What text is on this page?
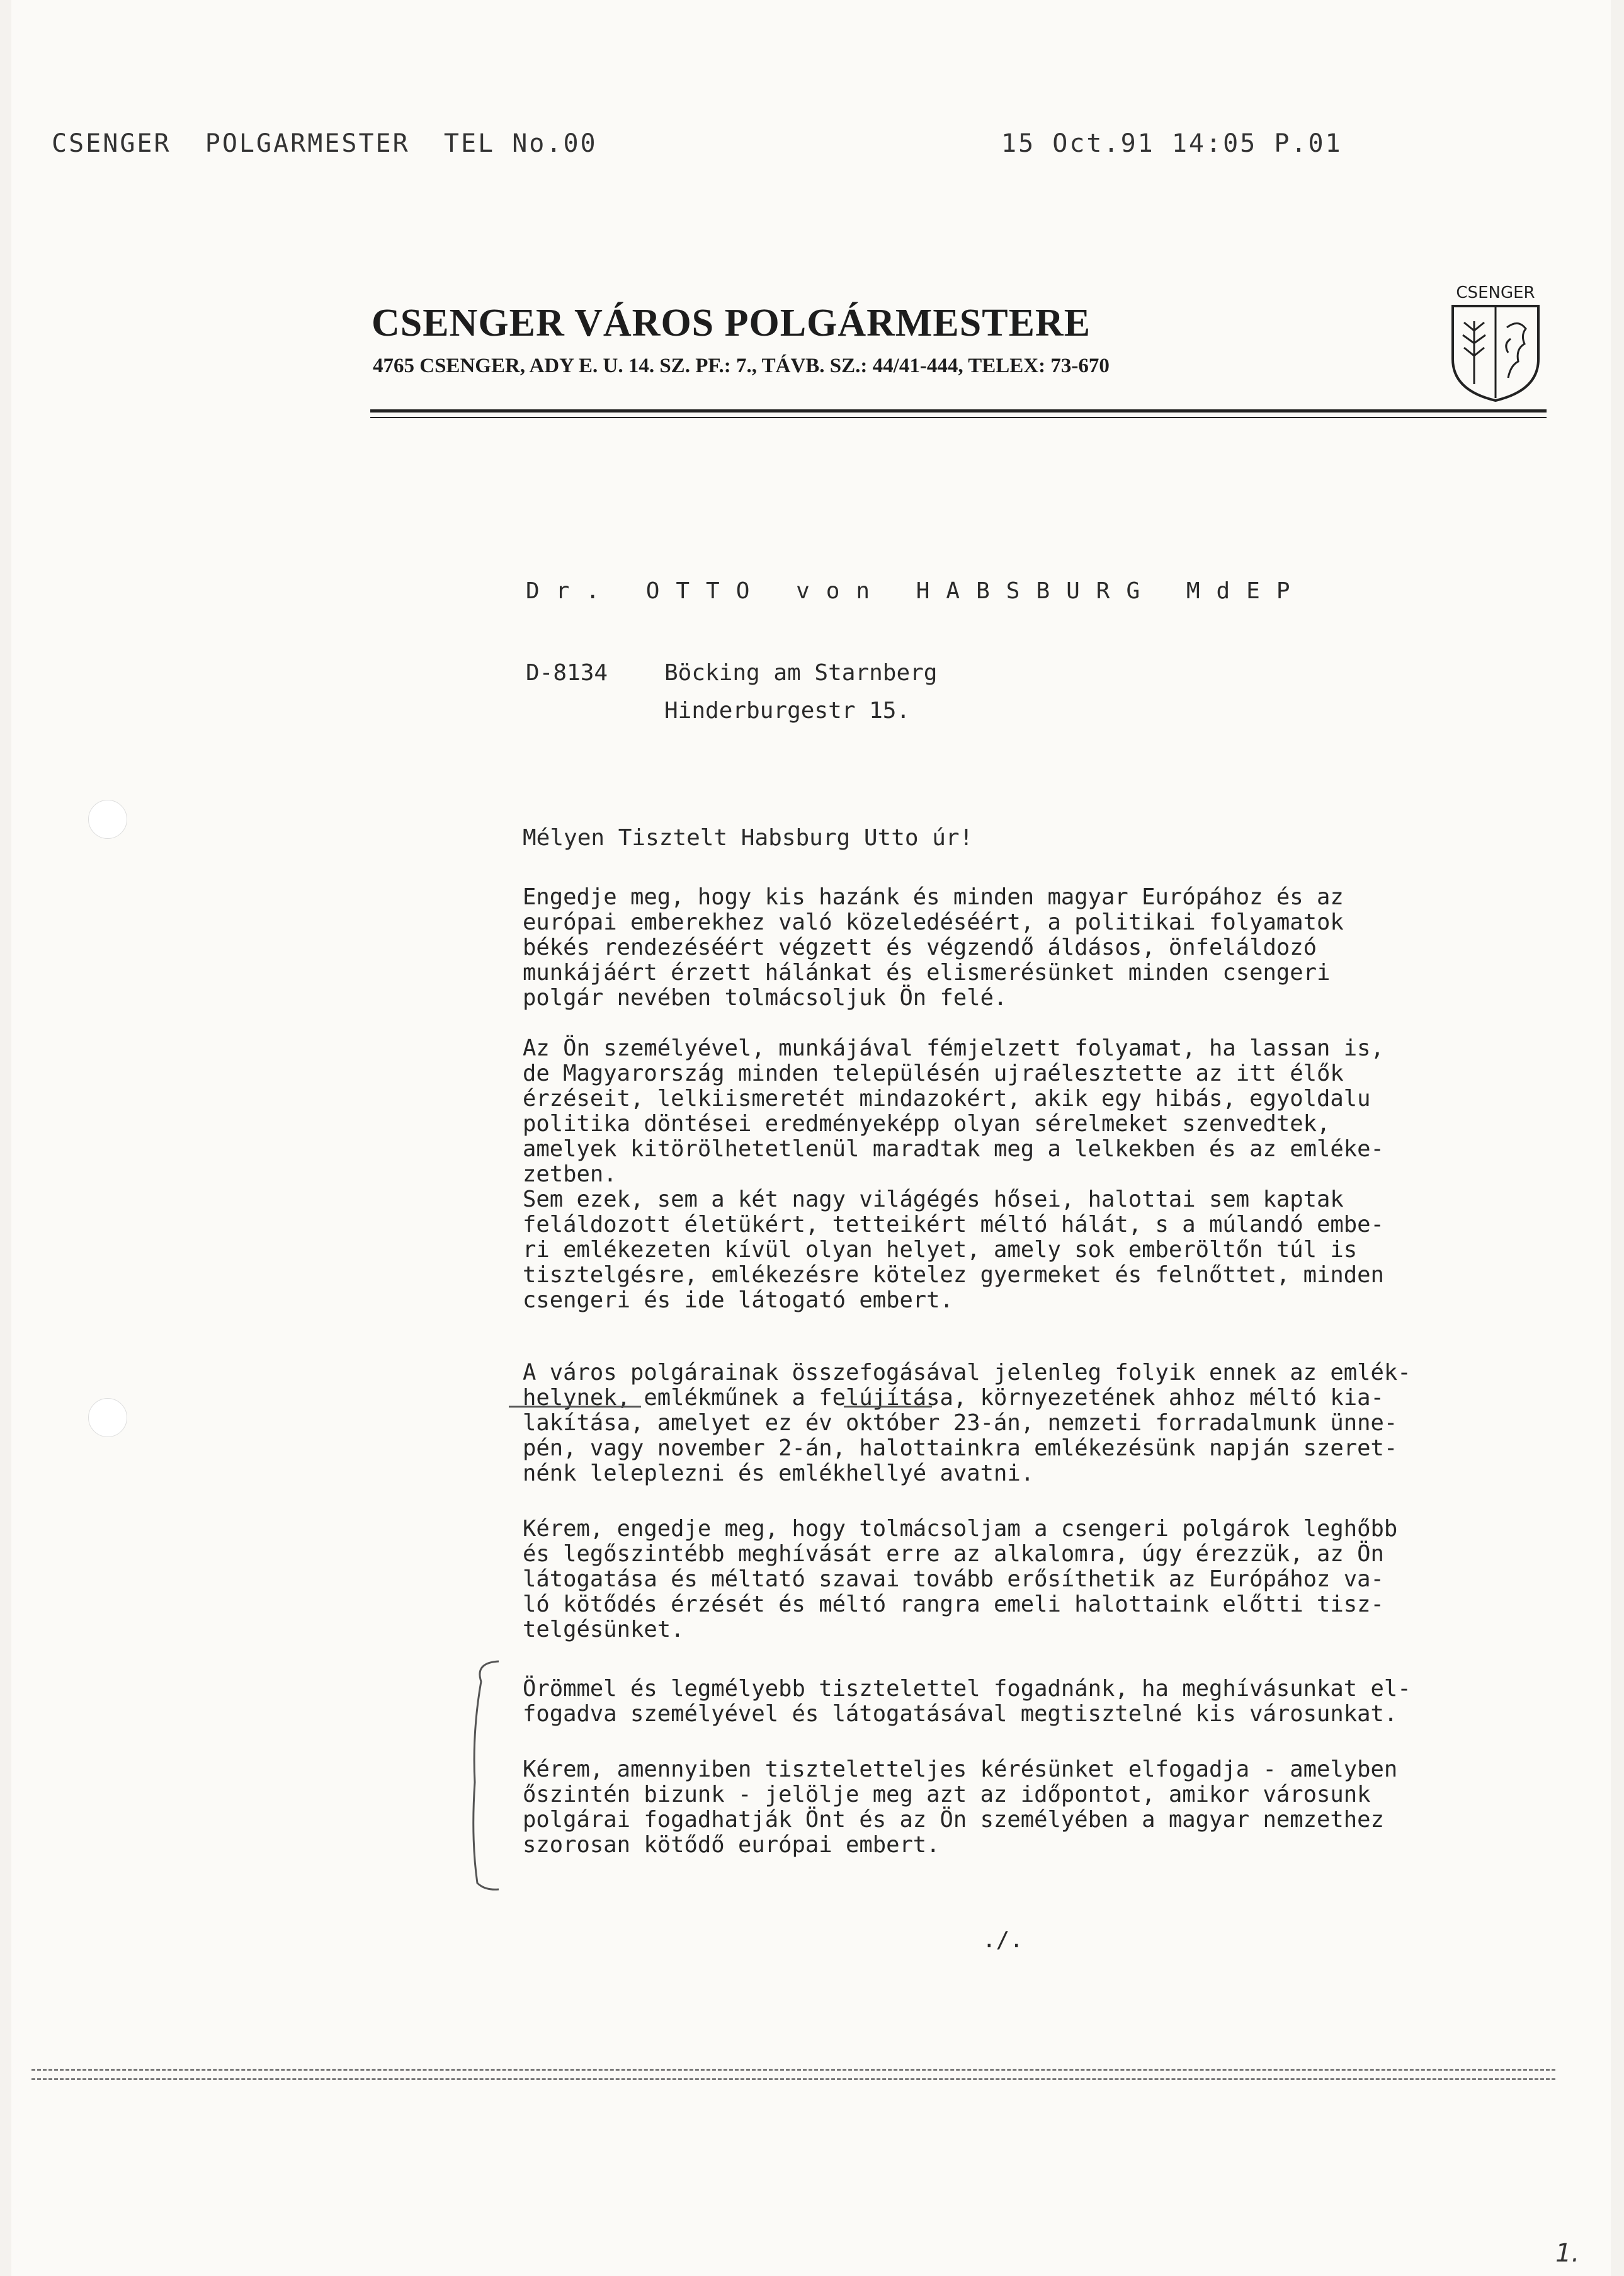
CSENGER  POLGARMESTER  TEL No.00	15 Oct.91 14:05 P.01
CSENGER VÁROS POLGÁRMESTERE
4765 CSENGER, ADY E. U. 14. SZ. PF.: 7., TÁVB. SZ.: 44/41-444, TELEX: 73-670
CSENGER
Dr. OTTO von HABSBURG MdEP
D-8134 Böcking am Starnberg
Hinderburgestr 15.
Mélyen Tisztelt Habsburg Utto úr!
Engedje meg, hogy kis hazánk és minden magyar Európához és az
európai emberekhez való közeledéséért, a politikai folyamatok
békés rendezéséért végzett és végzendő áldásos, önfeláldozó
munkájáért érzett hálánkat és elismerésünket minden csengeri
polgár nevében tolmácsoljuk Ön felé.
Az Ön személyével, munkájával fémjelzett folyamat, ha lassan is,
de Magyarország minden településén ujraélesztette az itt élők
érzéseit, lelkiismeretét mindazokért, akik egy hibás, egyoldalu
politika döntései eredményeképp olyan sérelmeket szenvedtek,
amelyek kitörölhetetlenül maradtak meg a lelkekben és az emléke-
zetben.
Sem ezek, sem a két nagy világégés hősei, halottai sem kaptak
feláldozott életükért, tetteikért méltó hálát, s a múlandó embe-
ri emlékezeten kívül olyan helyet, amely sok emberöltőn túl is
tisztelgésre, emlékezésre kötelez gyermeket és felnőttet, minden
csengeri és ide látogató embert.
A város polgárainak összefogásával jelenleg folyik ennek az emlék-
helynek, emlékműnek a felújítása, környezetének ahhoz méltó kia-
lakítása, amelyet ez év október 23-án, nemzeti forradalmunk ünne-
pén, vagy november 2-án, halottainkra emlékezésünk napján szeret-
nénk leleplezni és emlékhellyé avatni.
Kérem, engedje meg, hogy tolmácsoljam a csengeri polgárok leghőbb
és legőszintébb meghívását erre az alkalomra, úgy érezzük, az Ön
látogatása és méltató szavai tovább erősíthetik az Európához va-
ló kötődés érzését és méltó rangra emeli halottaink előtti tisz-
telgésünket.
Örömmel és legmélyebb tisztelettel fogadnánk, ha meghívásunkat el-
fogadva személyével és látogatásával megtisztelné kis városunkat.
Kérem, amennyiben tiszteletteljes kérésünket elfogadja - amelyben
őszintén bizunk - jelölje meg azt az időpontot, amikor városunk
polgárai fogadhatják Önt és az Ön személyében a magyar nemzethez
szorosan kötődő európai embert.
./.
1.
